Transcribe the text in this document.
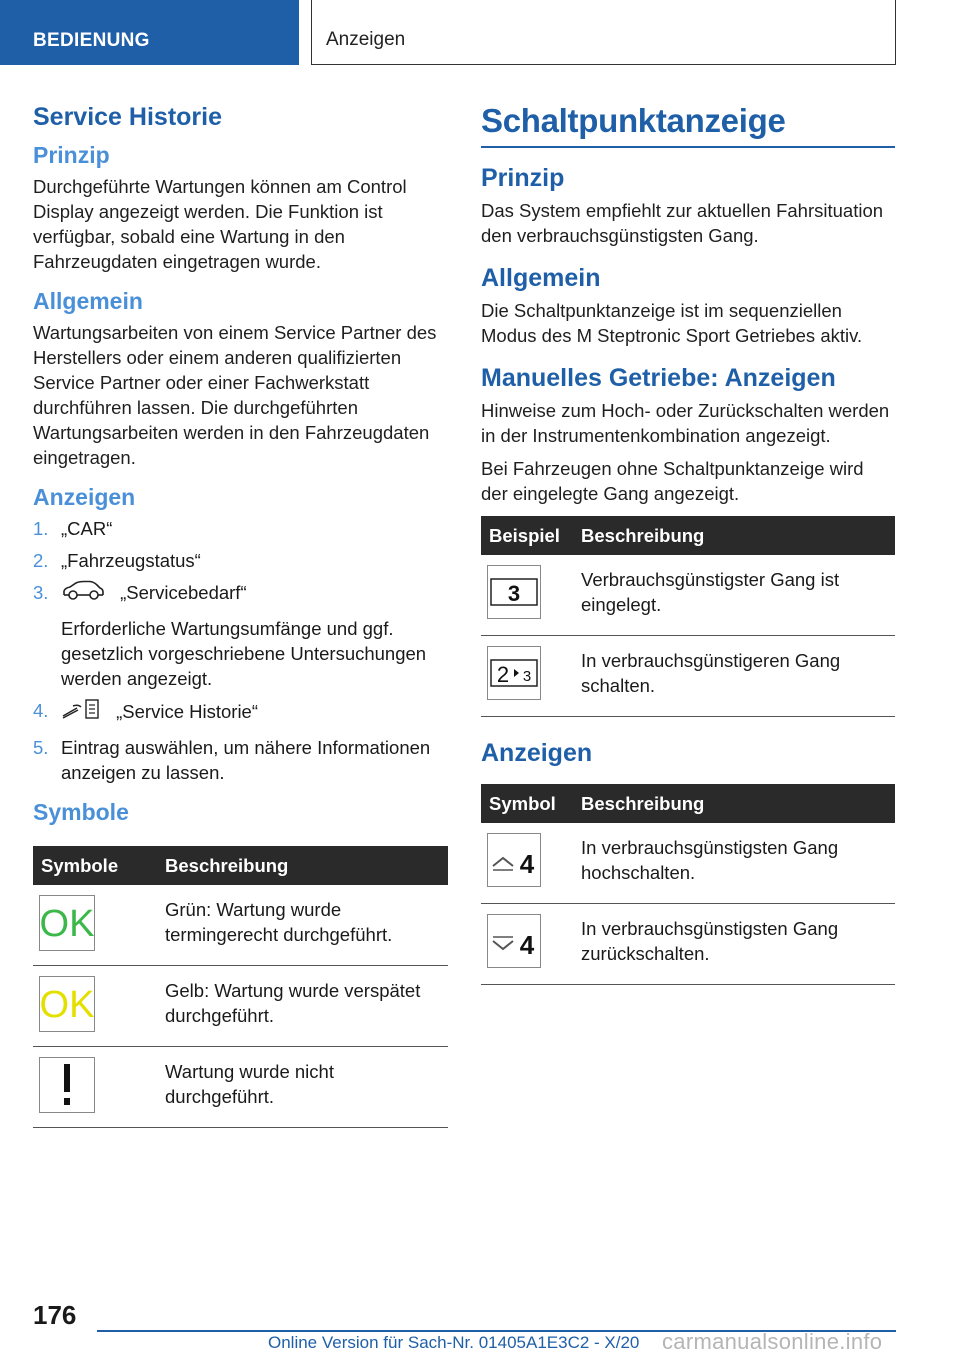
BEDIENUNG	Anzeigen
Service Historie
Prinzip

Durchgeführte Wartungen können am Control Display angezeigt werden. Die Funktion ist verfügbar, sobald eine Wartung in den Fahrzeugdaten eingetragen wurde.

Allgemein

Wartungsarbeiten von einem Service Partner des Herstellers oder einem anderen qualifizierten Service Partner oder einer Fachwerkstatt durchführen lassen. Die durchgeführten Wartungsarbeiten werden in den Fahrzeugdaten eingetragen.

Anzeigen
1. „CAR“
2. „Fahrzeugstatus“
3.	„Servicebedarf“
Erforderliche Wartungsumfänge und ggf. gesetzlich vorgeschriebene Untersuchungen werden angezeigt.
4.	„Service Historie“
5. Eintrag auswählen, um nähere Informationen anzeigen zu lassen.
Symbole
Symbole	Beschreibung

OK	Grün: Wartung wurde termingerecht durchgeführt.

OK	Gelb: Wartung wurde verspätet durchgeführt.

	Wartung wurde nicht durchgeführt.
Schaltpunktanzeige
Prinzip

Das System empfiehlt zur aktuellen Fahrsituation den verbrauchsgünstigsten Gang.

Allgemein

Die Schaltpunktanzeige ist im sequenziellen Modus des M Steptronic Sport Getriebes aktiv.

Manuelles Getriebe: Anzeigen

Hinweise zum Hoch- oder Zurückschalten werden in der Instrumentenkombination angezeigt.

Bei Fahrzeugen ohne Schaltpunktanzeige wird der eingelegte Gang angezeigt.

Beispiel	Beschreibung

3	Verbrauchsgünstigster Gang ist eingelegt.

2 3	In verbrauchsgünstigeren Gang schalten.
Anzeigen
Symbol	Beschreibung

4	In verbrauchsgünstigsten Gang hochschalten.

4	In verbrauchsgünstigsten Gang zurückschalten.
176
Online Version für Sach-Nr. 01405A1E3C2 - X/20 carmanualsonline.info
